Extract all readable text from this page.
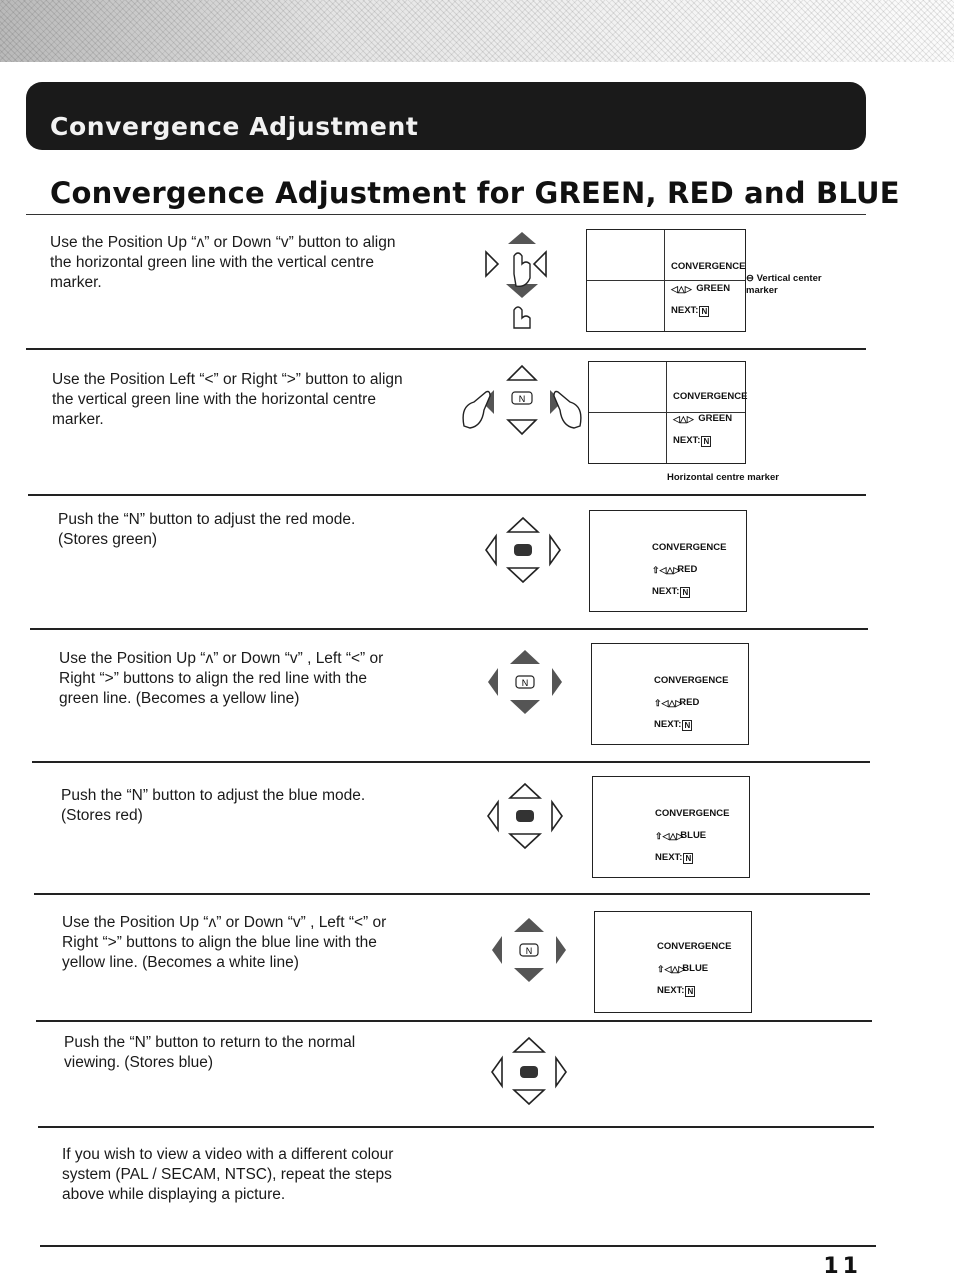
Convergence Adjustment
Convergence Adjustment for GREEN, RED and BLUE
Use the Position Up “ʌ” or Down “v” button to align the horizontal green line with the vertical centre marker.
CONVERGENCE
◁△▷
GREEN
NEXT: N
⊖ Vertical center marker
Use the Position Left “<” or Right “>” button to align the vertical green line with the horizontal centre marker.
N	CONVERGENCE
◁△▷
GREEN
NEXT: N
Horizontal centre marker
Push the “N” button to adjust the red mode. (Stores green)	CONVERGENCE
⇧◁△▷

RED
NEXT: N
Use the Position Up “ʌ” or Down “v” , Left “<” or Right “>” buttons to align the red line with the green line. (Becomes a yellow line)
N	CONVERGENCE
⇧◁△▷

RED
NEXT: N
Push the “N” button to adjust the blue mode. (Stores red)	CONVERGENCE
⇧◁△▷

BLUE
NEXT: N
Use the Position Up “ʌ” or Down “v” , Left “<” or Right “>” buttons to align the blue line with the yellow line. (Becomes a white line)
N	CONVERGENCE
⇧◁△▷

BLUE
NEXT: N
Push the “N” button to return to the normal viewing. (Stores blue)
If you wish to view a video with a different colour system (PAL / SECAM, NTSC), repeat the steps above while displaying a picture.
11
